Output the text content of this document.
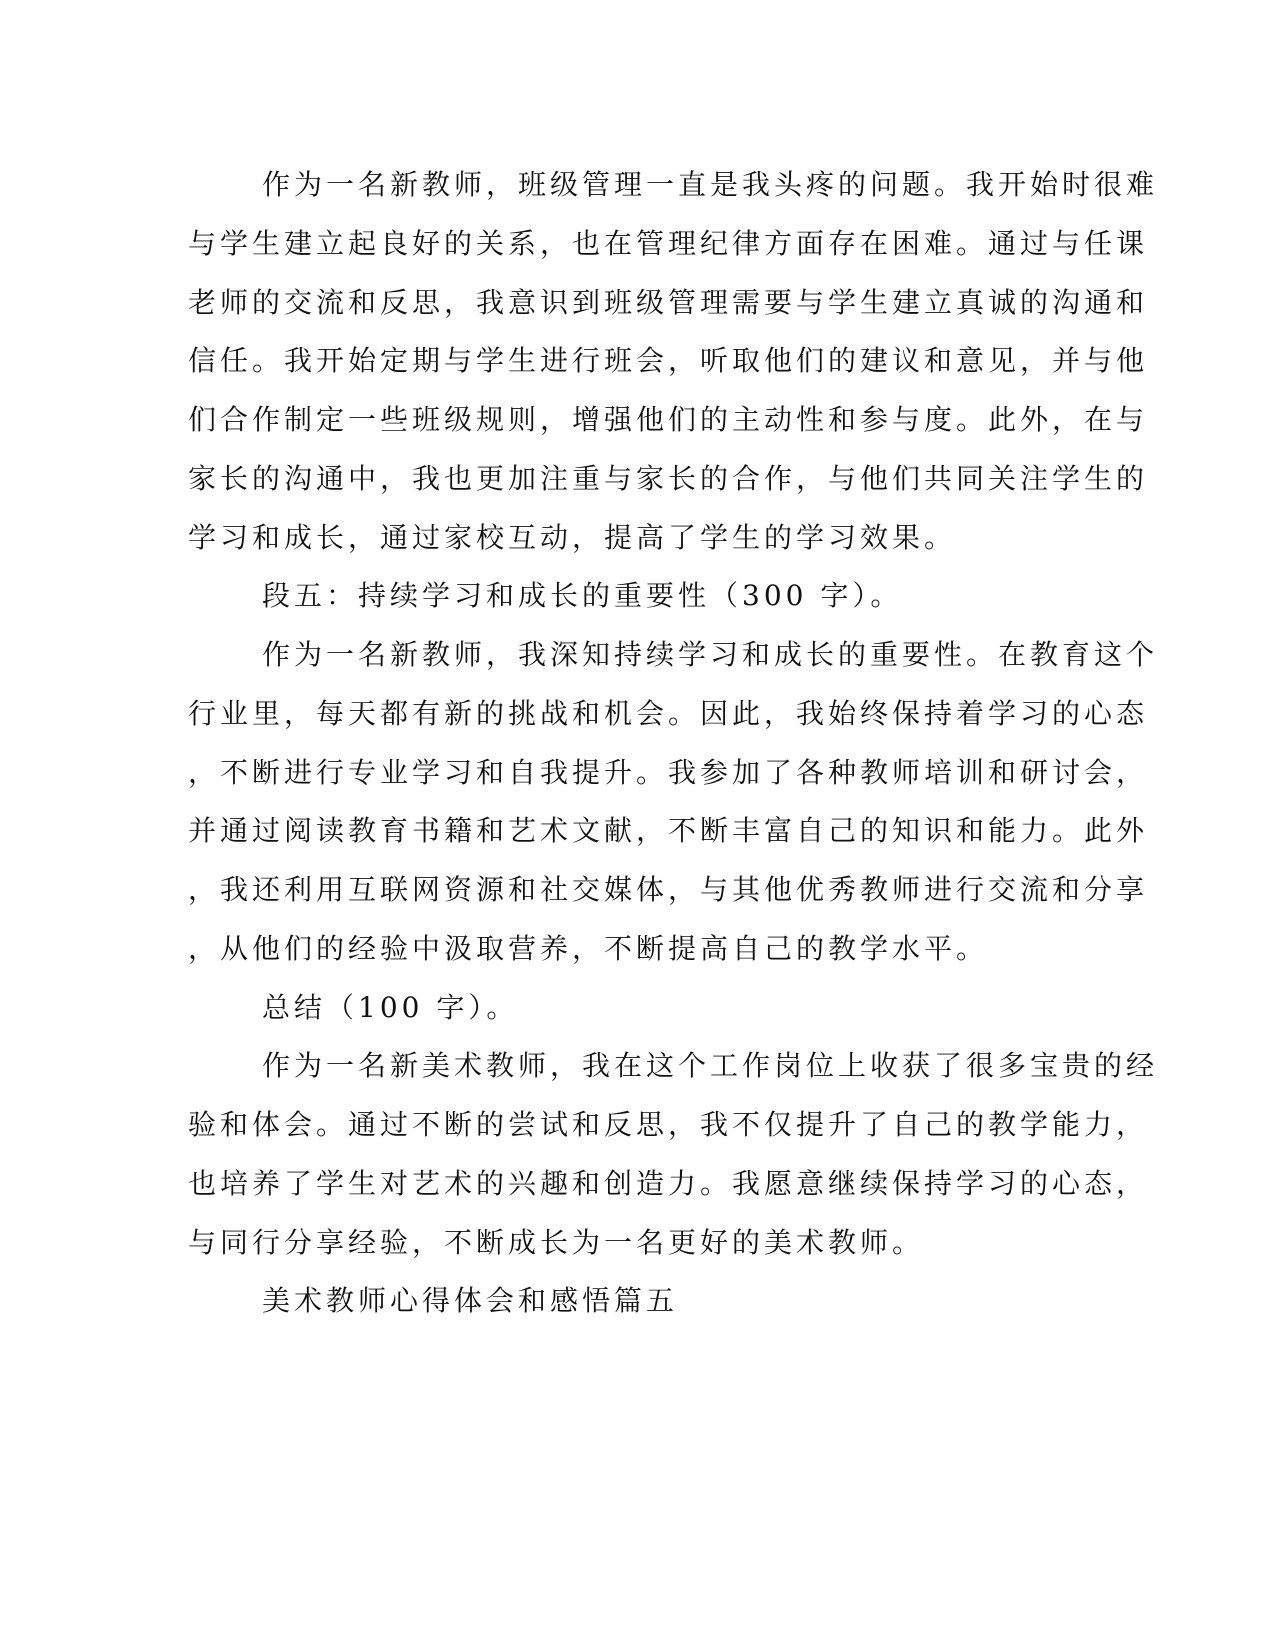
作为一名新教师，班级管理一直是我头疼的问题。我开始时很难
与学生建立起良好的关系，也在管理纪律方面存在困难。通过与任课
老师的交流和反思，我意识到班级管理需要与学生建立真诚的沟通和
信任。我开始定期与学生进行班会，听取他们的建议和意见，并与他
们合作制定一些班级规则，增强他们的主动性和参与度。此外，在与
家长的沟通中，我也更加注重与家长的合作，与他们共同关注学生的
学习和成长，通过家校互动，提高了学生的学习效果。
段五：持续学习和成长的重要性（300 字）。
作为一名新教师，我深知持续学习和成长的重要性。在教育这个
行业里，每天都有新的挑战和机会。因此，我始终保持着学习的心态
，不断进行专业学习和自我提升。我参加了各种教师培训和研讨会，
并通过阅读教育书籍和艺术文献，不断丰富自己的知识和能力。此外
，我还利用互联网资源和社交媒体，与其他优秀教师进行交流和分享
，从他们的经验中汲取营养，不断提高自己的教学水平。
总结（100 字）。
作为一名新美术教师，我在这个工作岗位上收获了很多宝贵的经
验和体会。通过不断的尝试和反思，我不仅提升了自己的教学能力，
也培养了学生对艺术的兴趣和创造力。我愿意继续保持学习的心态，
与同行分享经验，不断成长为一名更好的美术教师。
美术教师心得体会和感悟篇五
